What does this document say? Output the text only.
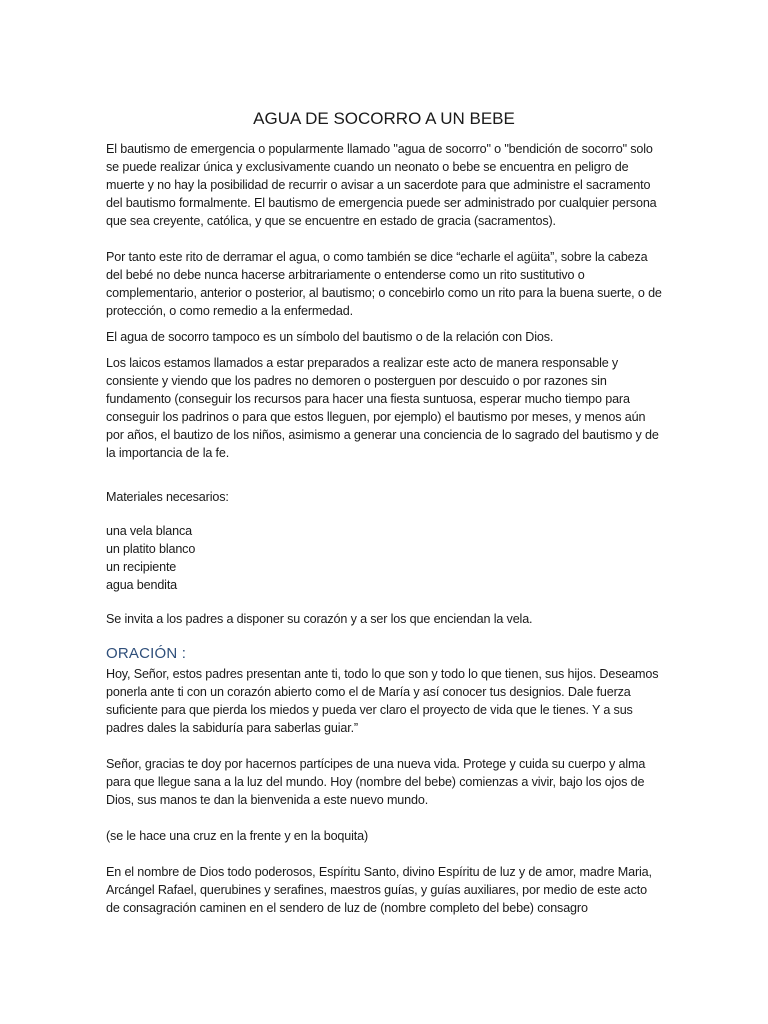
AGUA DE SOCORRO A UN BEBE

El bautismo de emergencia o popularmente llamado "agua de socorro" o "bendición de socorro" solo se puede realizar única y exclusivamente cuando un neonato o bebe se encuentra en peligro de muerte y no hay la posibilidad de recurrir o avisar a un sacerdote para que administre el sacramento del bautismo formalmente. El bautismo de emergencia puede ser administrado por cualquier persona que sea creyente, católica, y que se encuentre en estado de gracia (sacramentos).

Por tanto este rito de derramar el agua, o como también se dice “echarle el agüita”, sobre la cabeza del bebé no debe nunca hacerse arbitrariamente o entenderse como un rito sustitutivo o complementario, anterior o posterior, al bautismo; o concebirlo como un rito para la buena suerte, o de protección, o como remedio a la enfermedad.

El agua de socorro tampoco es un símbolo del bautismo o de la relación con Dios.

Los laicos estamos llamados a estar preparados a realizar este acto de manera responsable y consiente y viendo que los padres no demoren o posterguen por descuido o por razones sin fundamento (conseguir los recursos para hacer una fiesta suntuosa, esperar mucho tiempo para conseguir los padrinos o para que estos lleguen, por ejemplo) el bautismo por meses, y menos aún por años, el bautizo de los niños, asimismo a generar una conciencia de lo sagrado del bautismo y de la importancia de la fe.

Materiales necesarios:

una vela blanca

un platito blanco

un recipiente

agua bendita

Se invita a los padres a disponer su corazón y a ser los que enciendan la vela.

ORACIÓN :

Hoy, Señor, estos padres presentan ante ti, todo lo que son y todo lo que tienen, sus hijos. Deseamos ponerla ante ti con un corazón abierto como el de María y así conocer tus designios. Dale fuerza suficiente para que pierda los miedos y pueda ver claro el proyecto de vida que le tienes. Y a sus padres dales la sabiduría para saberlas guiar.”

Señor, gracias te doy por hacernos partícipes de una nueva vida. Protege y cuida su cuerpo y alma para que llegue sana a la luz del mundo. Hoy (nombre del bebe) comienzas a vivir, bajo los ojos de Dios, sus manos te dan la bienvenida a este nuevo mundo.

(se le hace una cruz en la frente y en la boquita)

En el nombre de Dios todo poderosos, Espíritu Santo, divino Espíritu de luz y de amor, madre Maria, Arcángel Rafael, querubines y serafines, maestros guías, y guías auxiliares, por medio de este acto de consagración caminen en el sendero de luz de (nombre completo del bebe) consagro
